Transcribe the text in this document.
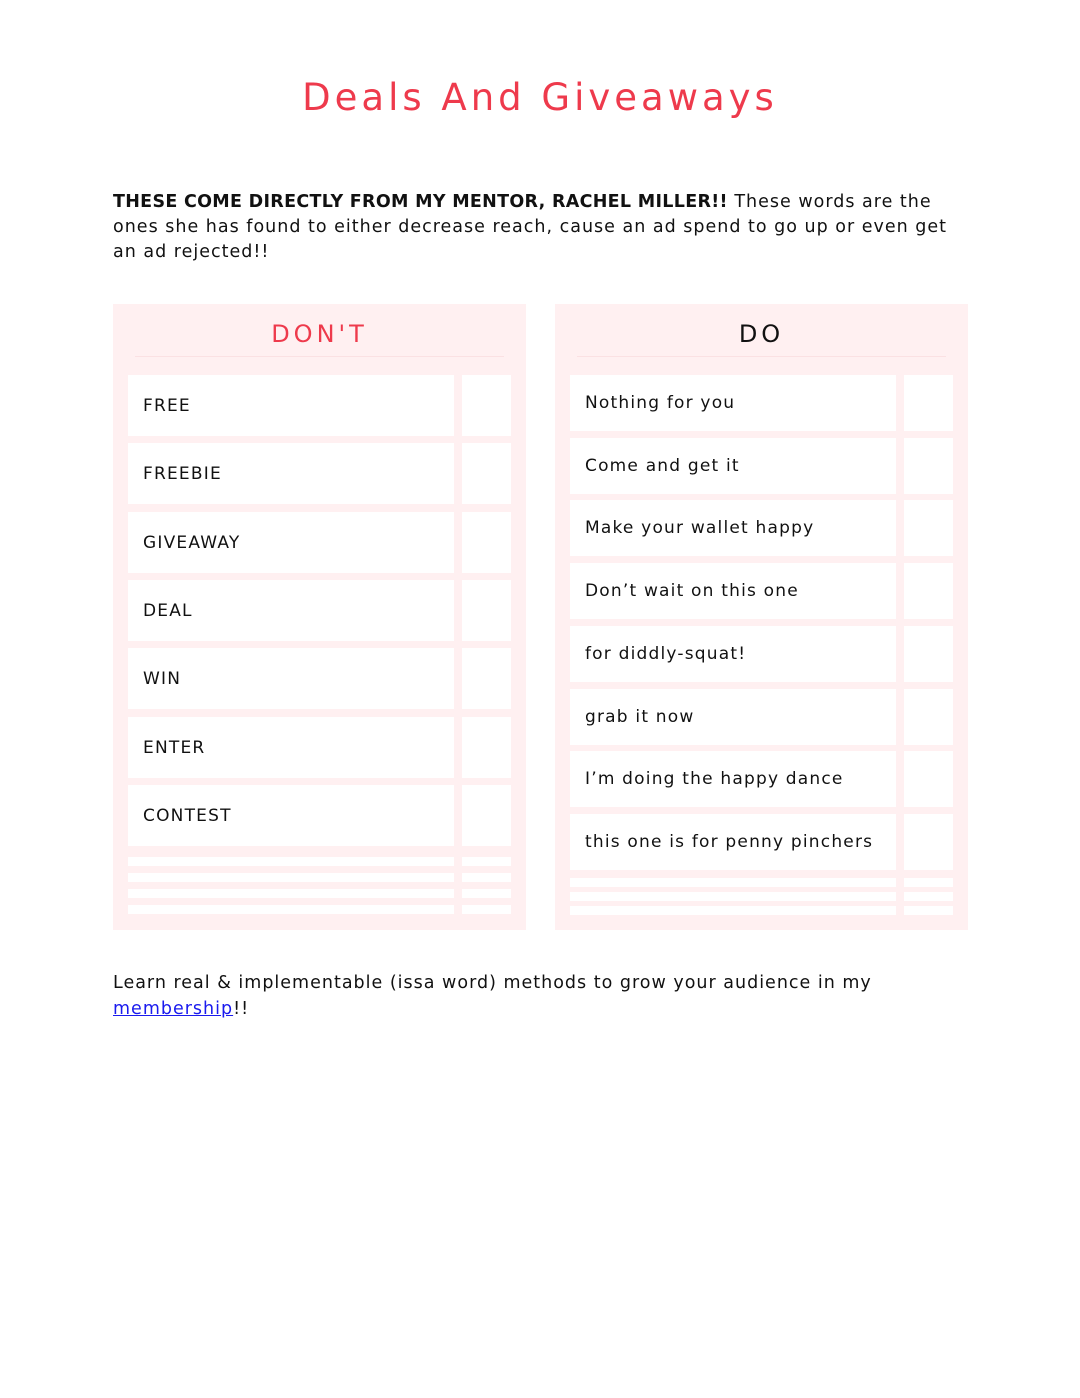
Deals And Giveaways

THESE COME DIRECTLY FROM MY MENTOR, RACHEL MILLER!! These words are the ones she has found to either decrease reach, cause an ad spend to go up or even get an ad rejected!!

DON'T
FREE
FREEBIE
GIVEAWAY
DEAL
WIN
ENTER
CONTEST
DO
Nothing for you
Come and get it
Make your wallet happy
Don’t wait on this one
for diddly-squat!
grab it now
I’m doing the happy dance
this one is for penny pinchers

Learn real & implementable (issa word) methods to grow your audience in my membership!!
